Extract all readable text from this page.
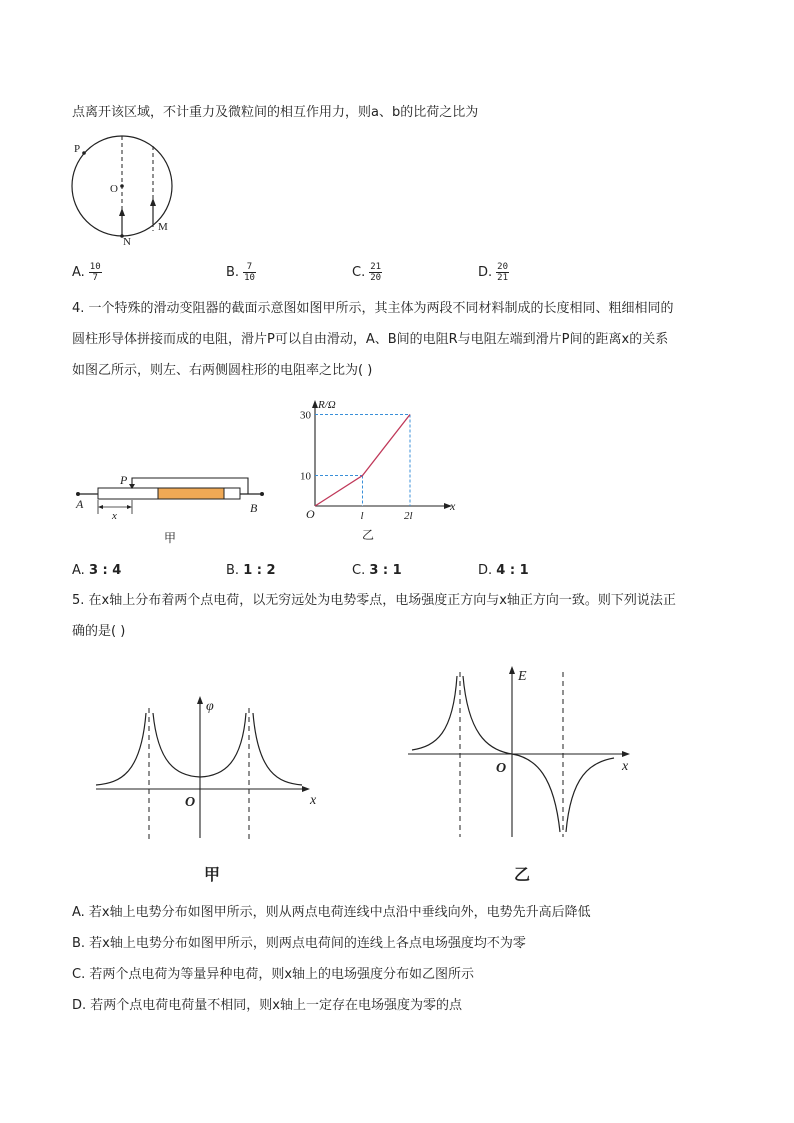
点离开该区域，不计重力及微粒间的相互作用力，则a、b的比荷之比为
P
O
N
M
A. $\frac{10}{7}$	B. $\frac{7}{10}$	C. $\frac{21}{20}$	D. $\frac{20}{21}$
4. 一个特殊的滑动变阻器的截面示意图如图甲所示，其主体为两段不同材料制成的长度相同、粗细相同的
圆柱形导体拼接而成的电阻，滑片P可以自由滑动，A、B间的电阻R与电阻左端到滑片P间的距离x的关系
如图乙所示，则左、右两侧圆柱形的电阻率之比为( )
A	B
P
x
甲
R/Ω
x
O
30
10
l	2l
乙
A. 3 : 4	B. 1 : 2	C. 3 : 1	D. 4 : 1
5. 在x轴上分布着两个点电荷，以无穷远处为电势零点，电场强度正方向与x轴正方向一致。则下列说法正
确的是( )
φ
x
O
甲
E
x
O
乙
A. 若x轴上电势分布如图甲所示，则从两点电荷连线中点沿中垂线向外，电势先升高后降低
B. 若x轴上电势分布如图甲所示，则两点电荷间的连线上各点电场强度均不为零
C. 若两个点电荷为等量异种电荷，则x轴上的电场强度分布如乙图所示
D. 若两个点电荷电荷量不相同，则x轴上一定存在电场强度为零的点
